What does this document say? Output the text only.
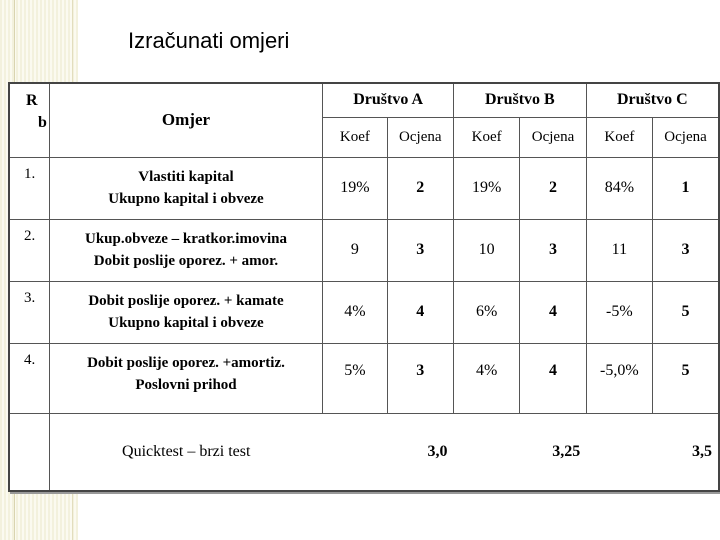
Izračunati omjeri
R
b	Omjer	Društvo A		Društvo B		Društvo C	
		Koef	Ocjena	Koef	Ocjena	Koef	Ocjena
1.	Vlastiti kapital
Ukupno kapital i obveze	19%	2	19%	2	84%	1
2.	Ukup.obveze – kratkor.imovina
Dobit poslije oporez. + amor.	9	3	10	3	11	3
3.	Dobit poslije oporez. + kamate
Ukupno kapital i obveze	4%	4	6%	4	-5%	5
4.	Dobit poslije oporez. +amortiz.
Poslovni prihod	5%	3	4%	4	-5,0%	5
	Quicktest – brzi test	3,0		3,25		3,5	
